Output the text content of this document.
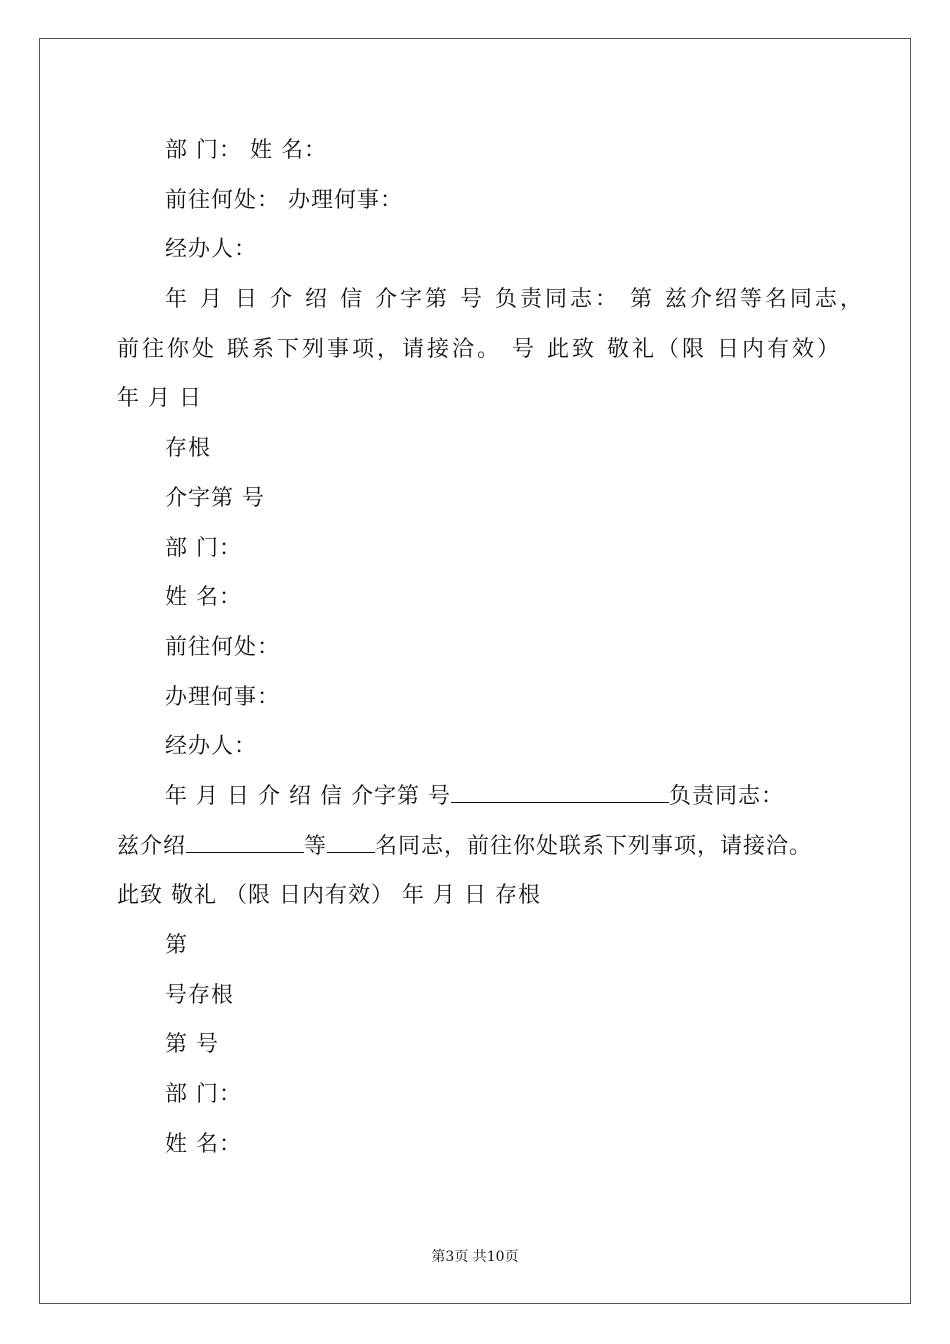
部 门： 姓 名：
前往何处： 办理何事：
经办人：
年 月 日 介 绍 信 介字第 号 负责同志： 第 兹介绍等名同志，
前往你处 联系下列事项，请接洽。 号 此致 敬礼（限 日内有效）
年 月 日
存根
介字第 号
部 门：
姓 名：
前往何处：
办理何事：
经办人：
年 月 日 介 绍 信 介字第 号	负责同志：
兹介绍	等 名同志，前往你处联系下列事项，请接洽。
此致 敬礼 （限 日内有效） 年 月 日 存根
第
号存根
第 号
部 门：
姓 名：
第3页 共10页
